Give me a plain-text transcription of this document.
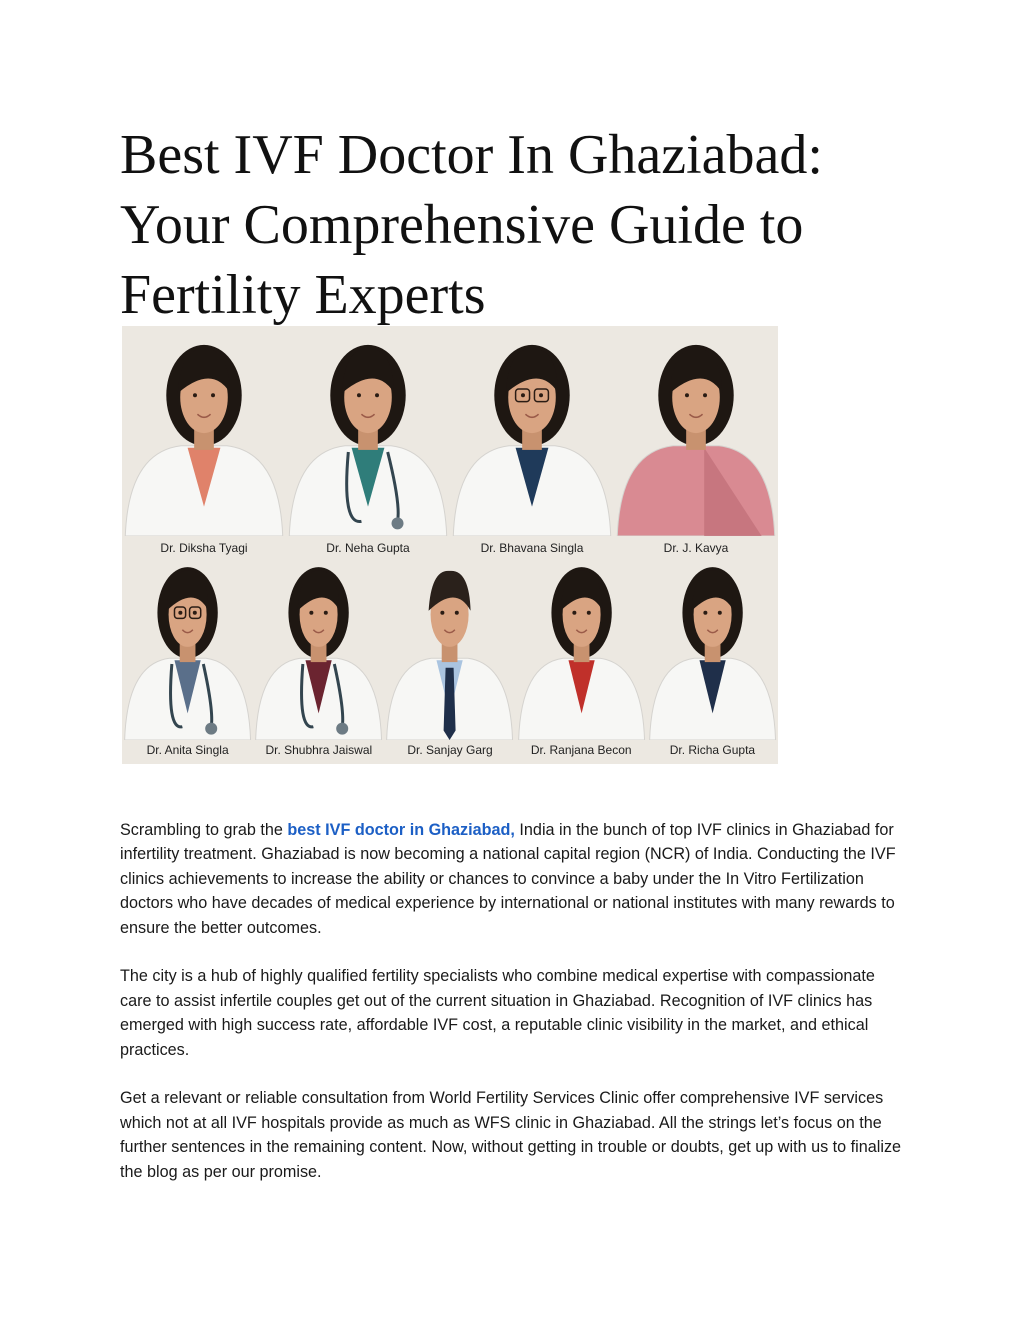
Best IVF Doctor In Ghaziabad: Your Comprehensive Guide to Fertility Experts
Dr. Diksha Tyagi	Dr. Neha Gupta	Dr. Bhavana Singla	Dr. J. Kavya
Dr. Anita Singla	Dr. Shubhra Jaiswal	Dr. Sanjay Garg	Dr. Ranjana Becon	Dr. Richa Gupta

Scrambling to grab the best IVF doctor in Ghaziabad, India in the bunch of top IVF clinics in Ghaziabad for infertility treatment. Ghaziabad is now becoming a national capital region (NCR) of India. Conducting the IVF clinics achievements to increase the ability or chances to convince a baby under the In Vitro Fertilization doctors who have decades of medical experience by international or national institutes with many rewards to ensure the better outcomes.

The city is a hub of highly qualified fertility specialists who combine medical expertise with compassionate care to assist infertile couples get out of the current situation in Ghaziabad. Recognition of IVF clinics has emerged with high success rate, affordable IVF cost, a reputable clinic visibility in the market, and ethical practices.

Get a relevant or reliable consultation from World Fertility Services Clinic offer comprehensive IVF services which not at all IVF hospitals provide as much as WFS clinic in Ghaziabad. All the strings let’s focus on the further sentences in the remaining content. Now, without getting in trouble or doubts, get up with us to finalize the blog as per our promise.
